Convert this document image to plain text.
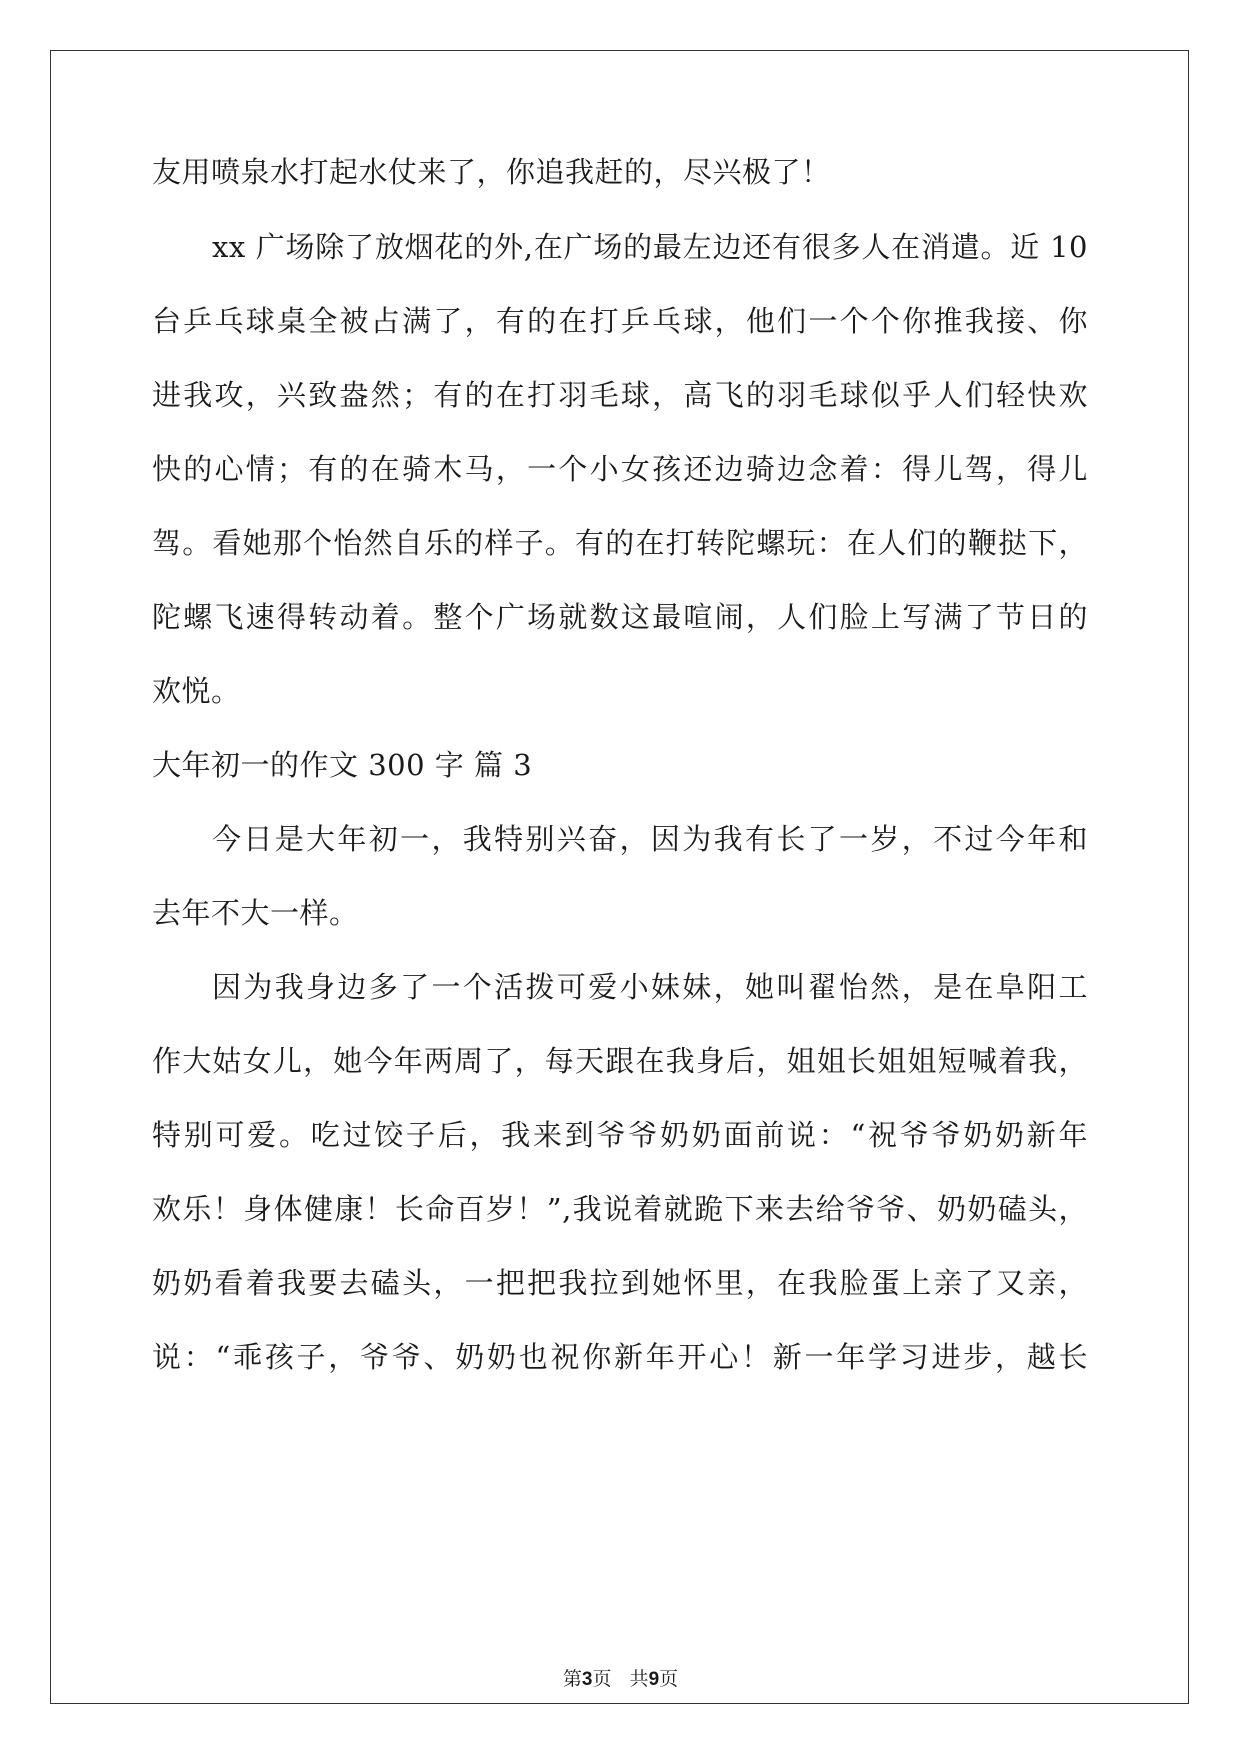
友用喷泉水打起水仗来了，你追我赶的，尽兴极了！
xx 广场除了放烟花的外,在广场的最左边还有很多人在消遣。近 10
台乒乓球桌全被占满了，有的在打乒乓球，他们一个个你推我接、你
进我攻，兴致盎然；有的在打羽毛球，高飞的羽毛球似乎人们轻快欢
快的心情；有的在骑木马，一个小女孩还边骑边念着：得儿驾，得儿
驾。看她那个怡然自乐的样子。有的在打转陀螺玩：在人们的鞭挞下，
陀螺飞速得转动着。整个广场就数这最喧闹，人们脸上写满了节日的
欢悦。
大年初一的作文 300 字 篇 3
今日是大年初一，我特别兴奋，因为我有长了一岁，不过今年和
去年不大一样。
因为我身边多了一个活拨可爱小妹妹，她叫翟怡然，是在阜阳工
作大姑女儿，她今年两周了，每天跟在我身后，姐姐长姐姐短喊着我，
特别可爱。吃过饺子后，我来到爷爷奶奶面前说：“祝爷爷奶奶新年
欢乐！身体健康！长命百岁！”,我说着就跪下来去给爷爷、奶奶磕头，
奶奶看着我要去磕头，一把把我拉到她怀里，在我脸蛋上亲了又亲，
说：“乖孩子，爷爷、奶奶也祝你新年开心！新一年学习进步，越长
第3页   共9页
